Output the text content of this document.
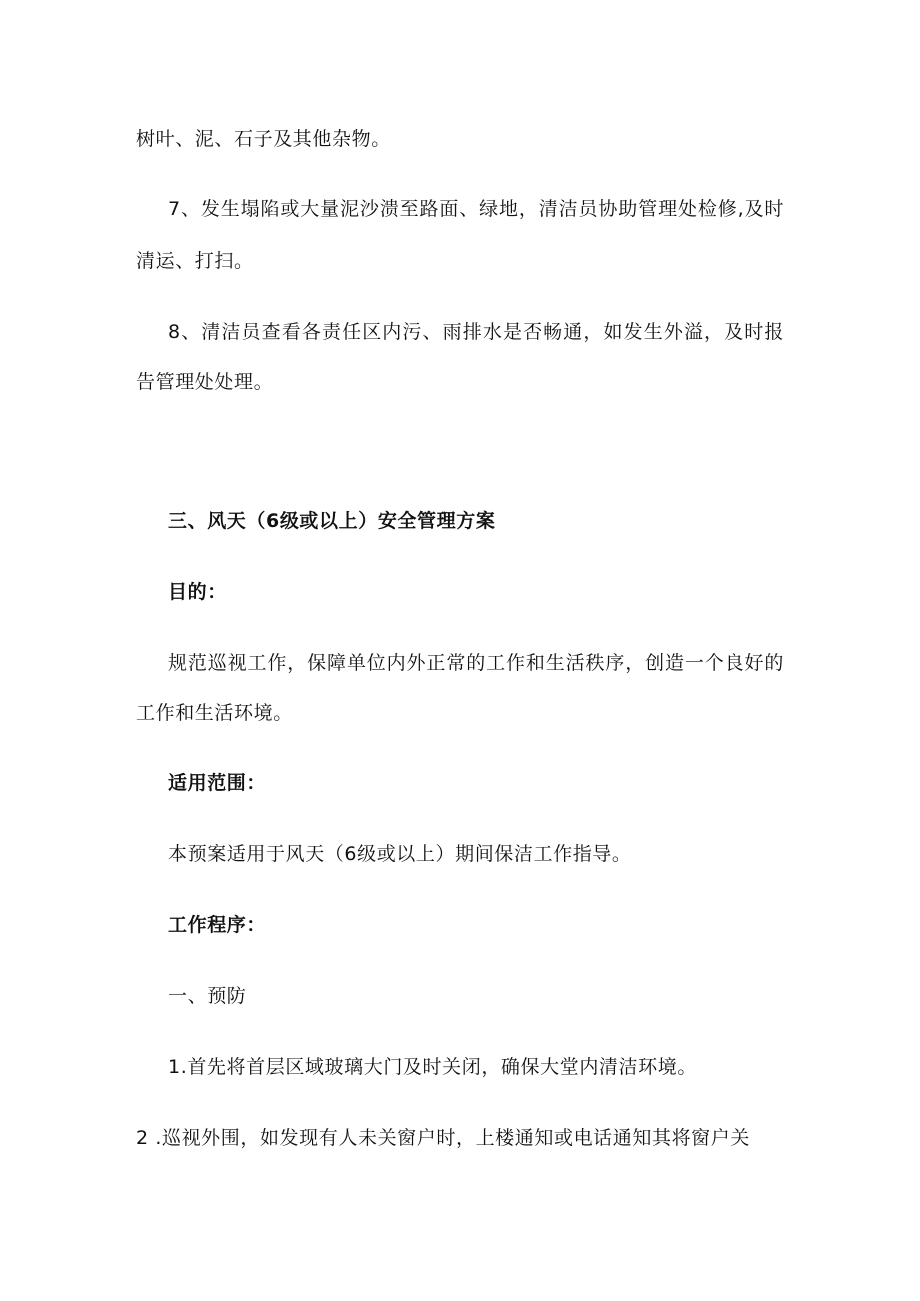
树叶、泥、石子及其他杂物。
7、发生塌陷或大量泥沙溃至路面、绿地，清洁员协助管理处检修,及时
清运、打扫。
8、清洁员查看各责任区内污、雨排水是否畅通，如发生外溢，及时报
告管理处处理。
三、风天（6级或以上）安全管理方案
目的：
规范巡视工作，保障单位内外正常的工作和生活秩序，创造一个良好的
工作和生活环境。
适用范围：
本预案适用于风天（6级或以上）期间保洁工作指导。
工作程序：
一、预防
1.首先将首层区域玻璃大门及时关闭，确保大堂内清洁环境。
2 .巡视外围，如发现有人未关窗户时，上楼通知或电话通知其将窗户关
